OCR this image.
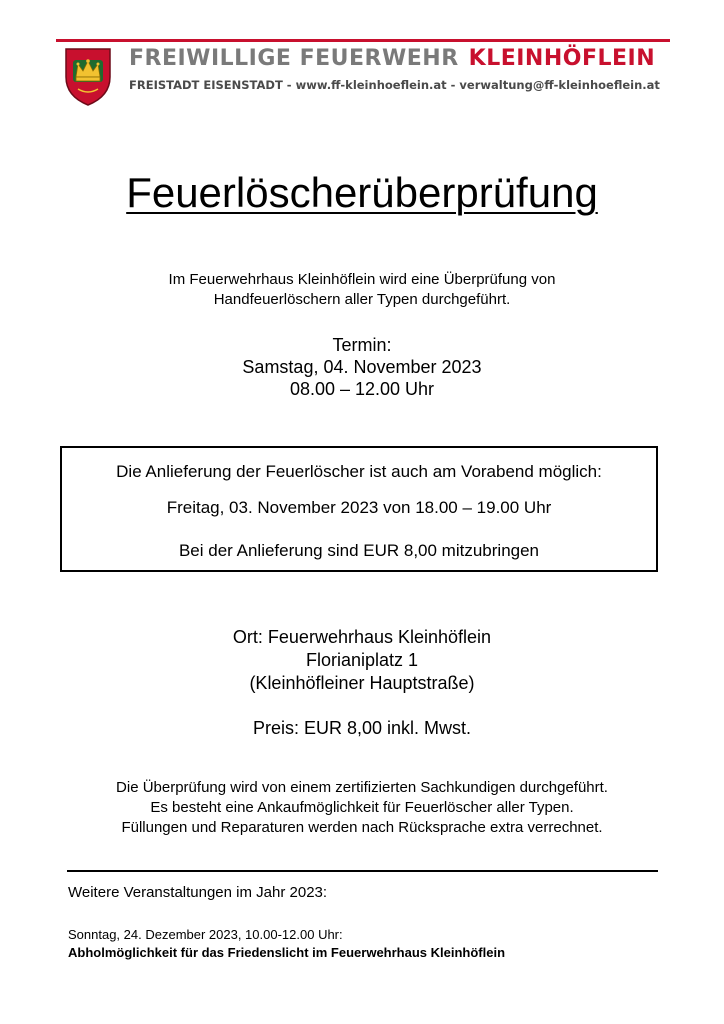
FREIWILLIGE FEUERWEHR KLEINHÖFLEIN
FREISTADT EISENSTADT - www.ff-kleinhoeflein.at - verwaltung@ff-kleinhoeflein.at
Feuerlöscherüberprüfung
Im Feuerwehrhaus Kleinhöflein wird eine Überprüfung von
Handfeuerlöschern aller Typen durchgeführt.
Termin:
Samstag, 04. November 2023
08.00 – 12.00 Uhr
Die Anlieferung der Feuerlöscher ist auch am Vorabend möglich:
Freitag, 03. November 2023 von 18.00 – 19.00 Uhr
Bei der Anlieferung sind EUR 8,00 mitzubringen
Ort: Feuerwehrhaus Kleinhöflein
Florianiplatz 1
(Kleinhöfleiner Hauptstraße)
Preis: EUR 8,00 inkl. Mwst.
Die Überprüfung wird von einem zertifizierten Sachkundigen durchgeführt.
Es besteht eine Ankaufmöglichkeit für Feuerlöscher aller Typen.
Füllungen und Reparaturen werden nach Rücksprache extra verrechnet.
Weitere Veranstaltungen im Jahr 2023:
Sonntag, 24. Dezember 2023, 10.00-12.00 Uhr:
Abholmöglichkeit für das Friedenslicht im Feuerwehrhaus Kleinhöflein
